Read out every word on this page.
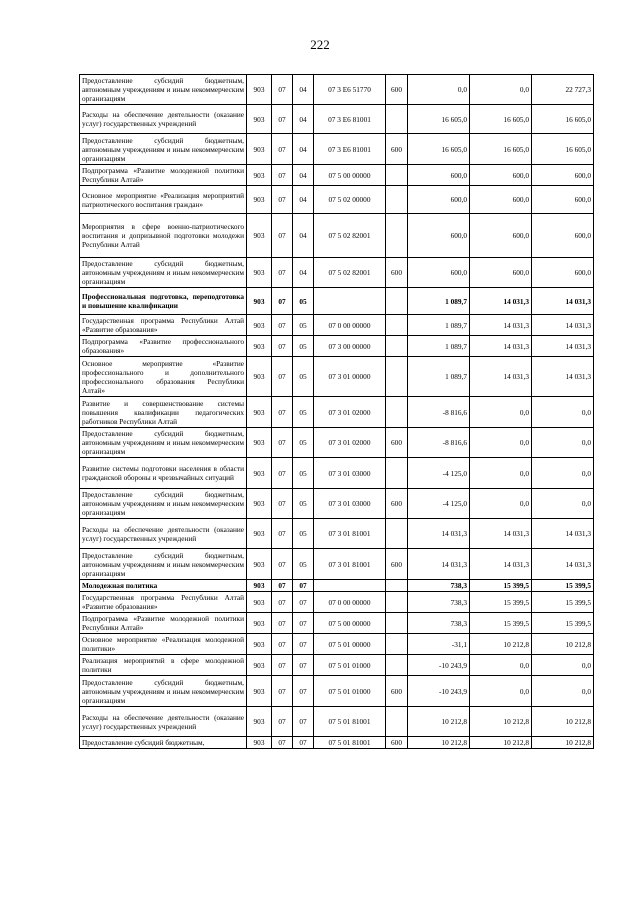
222
Предоставление субсидий бюджетным, автономным учреждениям и иным некоммерческим организациям	903	07	04	07 3 Е6 51770	600	0,0	0,0	22 727,3
Расходы на обеспечение деятельности (оказание услуг) государственных учреждений	903	07	04	07 3 Е6 81001		16 605,0	16 605,0	16 605,0
Предоставление субсидий бюджетным, автономным учреждениям и иным некоммерческим организациям	903	07	04	07 3 Е6 81001	600	16 605,0	16 605,0	16 605,0
Подпрограмма «Развитие молодежной политики Республики Алтай»	903	07	04	07 5 00 00000		600,0	600,0	600,0
Основное мероприятие «Реализация мероприятий патриотического воспитания граждан»	903	07	04	07 5 02 00000		600,0	600,0	600,0
Мероприятия в сфере военно-патриотического воспитания и допризывной подготовки молодежи Республики Алтай	903	07	04	07 5 02 82001		600,0	600,0	600,0
Предоставление субсидий бюджетным, автономным учреждениям и иным некоммерческим организациям	903	07	04	07 5 02 82001	600	600,0	600,0	600,0
Профессиональная подготовка, переподготовка и повышение квалификации	903	07	05			1 089,7	14 031,3	14 031,3
Государственная программа Республики Алтай «Развитие образования»	903	07	05	07 0 00 00000		1 089,7	14 031,3	14 031,3
Подпрограмма «Развитие профессионального образования»	903	07	05	07 3 00 00000		1 089,7	14 031,3	14 031,3
Основное мероприятие «Развитие профессионального и дополнительного профессионального образования Республики Алтай»	903	07	05	07 3 01 00000		1 089,7	14 031,3	14 031,3
Развитие и совершенствование системы повышения квалификации педагогических работников Республики Алтай	903	07	05	07 3 01 02000		-8 816,6	0,0	0,0
Предоставление субсидий бюджетным, автономным учреждениям и иным некоммерческим организациям	903	07	05	07 3 01 02000	600	-8 816,6	0,0	0,0
Развитие системы подготовки населения в области гражданской обороны и чрезвычайных ситуаций	903	07	05	07 3 01 03000		-4 125,0	0,0	0,0
Предоставление субсидий бюджетным, автономным учреждениям и иным некоммерческим организациям	903	07	05	07 3 01 03000	600	-4 125,0	0,0	0,0
Расходы на обеспечение деятельности (оказание услуг) государственных учреждений	903	07	05	07 3 01 81001		14 031,3	14 031,3	14 031,3
Предоставление субсидий бюджетным, автономным учреждениям и иным некоммерческим организациям	903	07	05	07 3 01 81001	600	14 031,3	14 031,3	14 031,3
Молодежная политика	903	07	07			738,3	15 399,5	15 399,5
Государственная программа Республики Алтай «Развитие образования»	903	07	07	07 0 00 00000		738,3	15 399,5	15 399,5
Подпрограмма «Развитие молодежной политики Республики Алтай»	903	07	07	07 5 00 00000		738,3	15 399,5	15 399,5
Основное мероприятие «Реализация молодежной политики»	903	07	07	07 5 01 00000		-31,1	10 212,8	10 212,8
Реализация мероприятий в сфере молодежной политики	903	07	07	07 5 01 01000		-10 243,9	0,0	0,0
Предоставление субсидий бюджетным, автономным учреждениям и иным некоммерческим организациям	903	07	07	07 5 01 01000	600	-10 243,9	0,0	0,0
Расходы на обеспечение деятельности (оказание услуг) государственных учреждений	903	07	07	07 5 01 81001		10 212,8	10 212,8	10 212,8
Предоставление субсидий бюджетным,	903	07	07	07 5 01 81001	600	10 212,8	10 212,8	10 212,8
